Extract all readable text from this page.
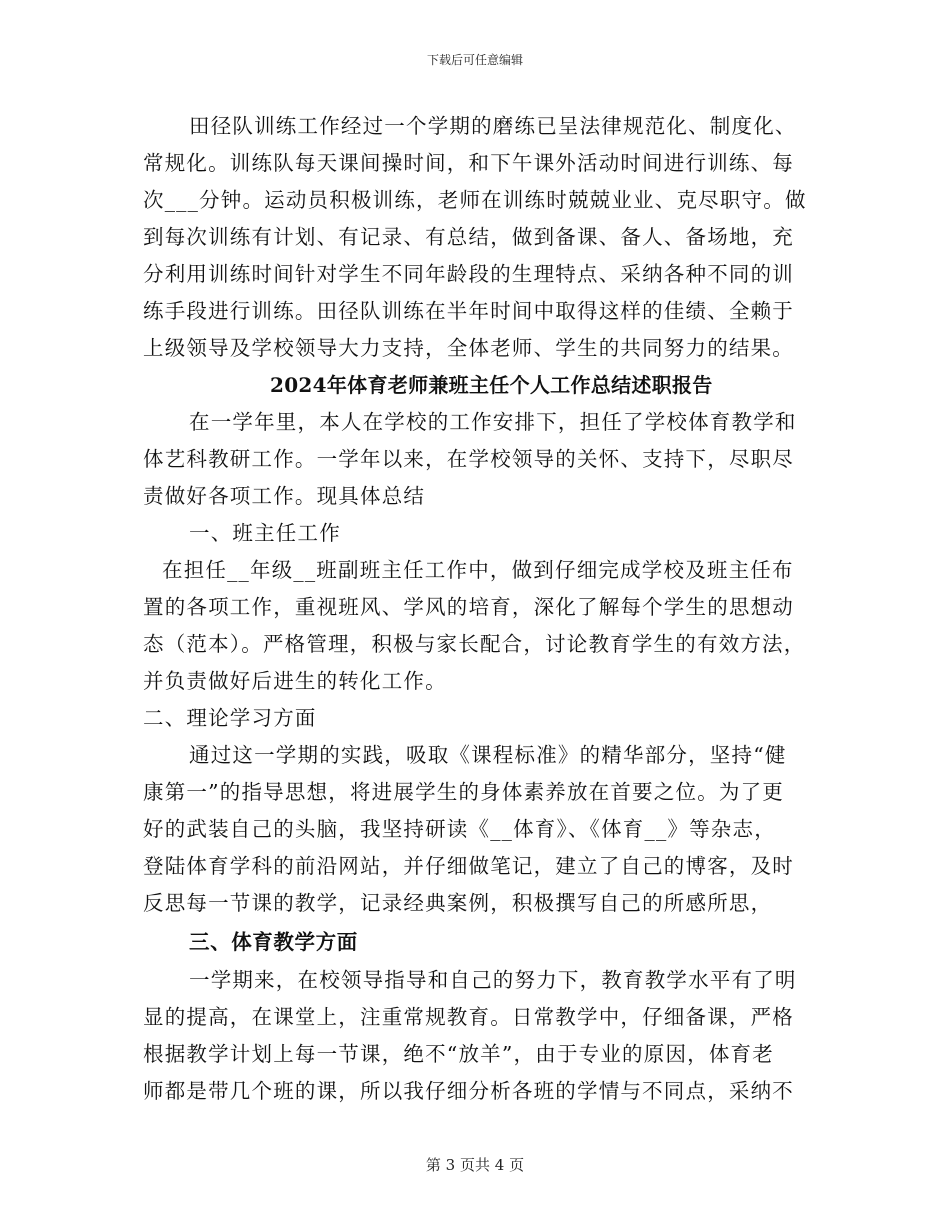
下载后可任意编辑
田径队训练工作经过一个学期的磨练已呈法律规范化、制度化、
常规化。训练队每天课间操时间，和下午课外活动时间进行训练、每
次___分钟。运动员积极训练，老师在训练时兢兢业业、克尽职守。做
到每次训练有计划、有记录、有总结，做到备课、备人、备场地，充
分利用训练时间针对学生不同年龄段的生理特点、采纳各种不同的训
练手段进行训练。田径队训练在半年时间中取得这样的佳绩、全赖于
上级领导及学校领导大力支持，全体老师、学生的共同努力的结果。
2024年体育老师兼班主任个人工作总结述职报告
在一学年里，本人在学校的工作安排下，担任了学校体育教学和
体艺科教研工作。一学年以来，在学校领导的关怀、支持下，尽职尽
责做好各项工作。现具体总结
一、班主任工作
在担任__年级__班副班主任工作中，做到仔细完成学校及班主任布
置的各项工作，重视班风、学风的培育，深化了解每个学生的思想动
态（范本）。严格管理，积极与家长配合，讨论教育学生的有效方法，
并负责做好后进生的转化工作。
二、理论学习方面
通过这一学期的实践，吸取《课程标准》的精华部分，坚持“健
康第一”的指导思想，将进展学生的身体素养放在首要之位。为了更
好的武装自己的头脑，我坚持研读《__体育》、《体育__》等杂志，
登陆体育学科的前沿网站，并仔细做笔记，建立了自己的博客，及时
反思每一节课的教学，记录经典案例，积极撰写自己的所感所思，
三、体育教学方面
一学期来，在校领导指导和自己的努力下，教育教学水平有了明
显的提高，在课堂上，注重常规教育。日常教学中，仔细备课，严格
根据教学计划上每一节课，绝不“放羊”，由于专业的原因，体育老
师都是带几个班的课，所以我仔细分析各班的学情与不同点，采纳不
第 3 页共 4 页
